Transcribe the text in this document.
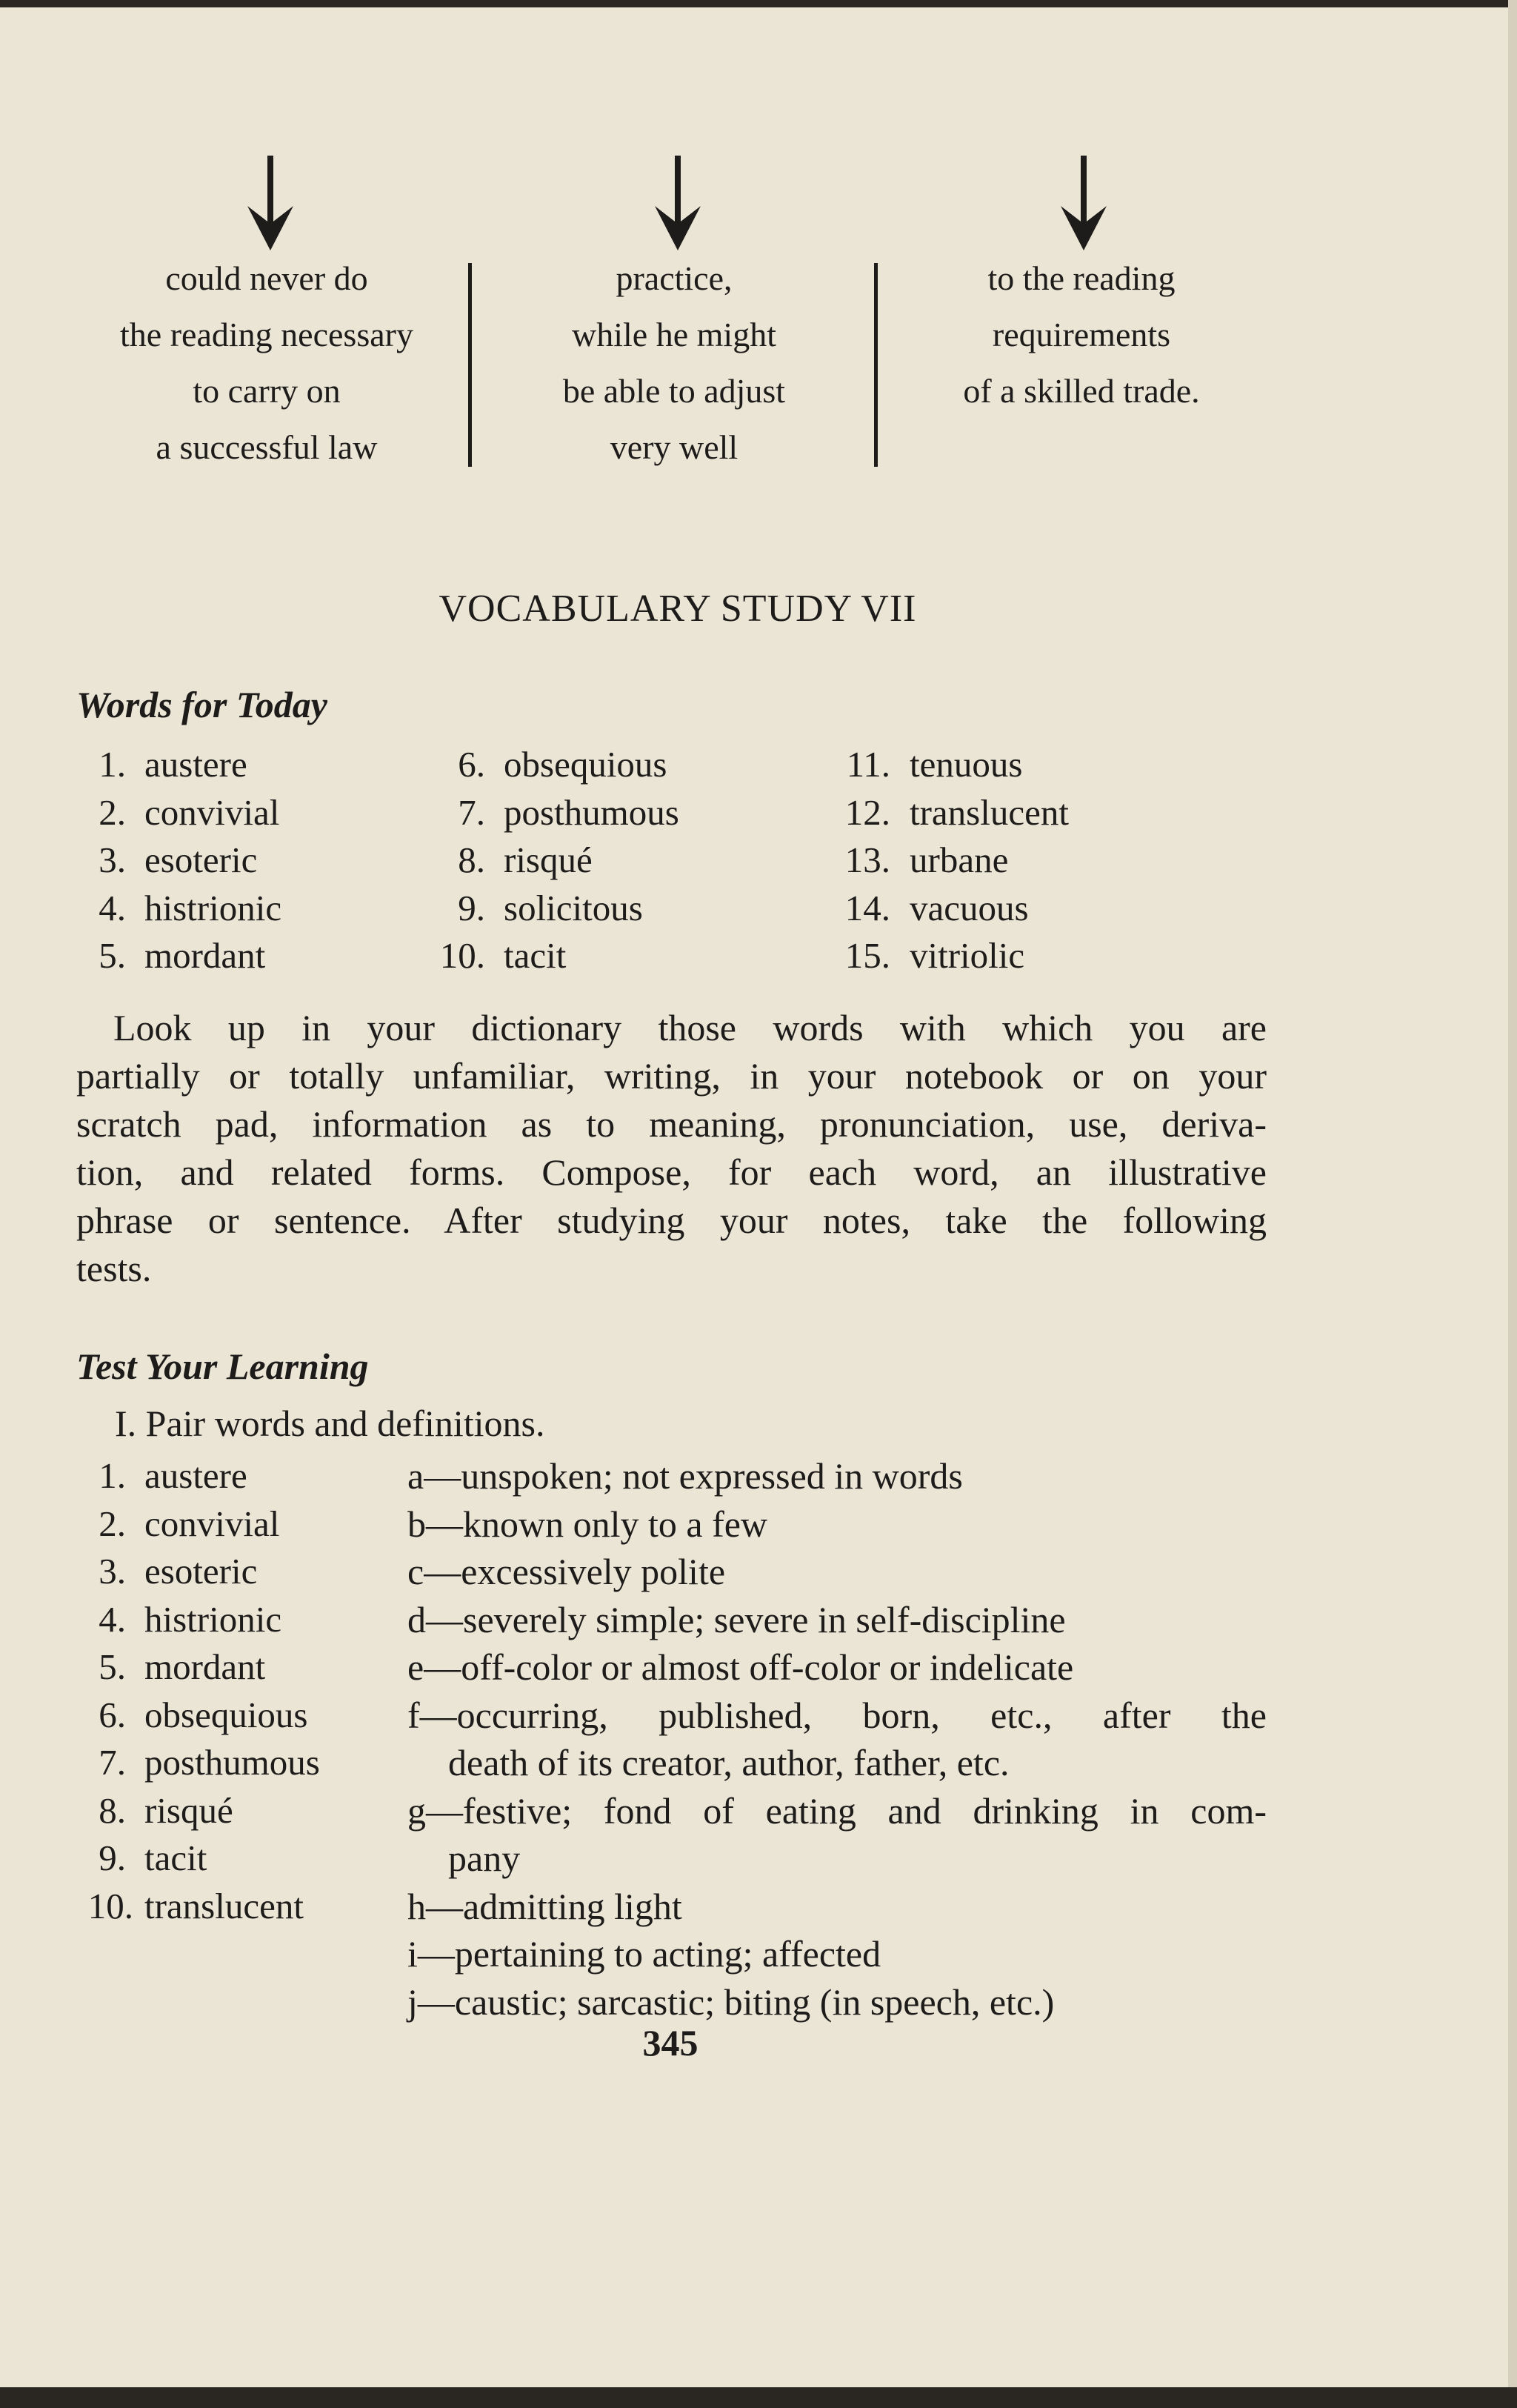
could never do
the reading necessary
to carry on
a successful law
practice,
while he might
be able to adjust
very well
to the reading
requirements
of a skilled trade.
VOCABULARY STUDY VII
Words for Today
1. austere
2. convivial
3. esoteric
4. histrionic
5. mordant
6. obsequious
7. posthumous
8. risqué
9. solicitous
10. tacit
11. tenuous
12. translucent
13. urbane
14. vacuous
15. vitriolic
Look up in your dictionary those words with which you are
partially or totally unfamiliar, writing, in your notebook or on your
scratch pad, information as to meaning, pronunciation, use, deriva-
tion, and related forms. Compose, for each word, an illustrative
phrase or sentence. After studying your notes, take the following
tests.
Test Your Learning
I. Pair words and definitions.
1. austere
2. convivial
3. esoteric
4. histrionic
5. mordant
6. obsequious
7. posthumous
8. risqué
9. tacit
10. translucent
a—unspoken; not expressed in words
b—known only to a few
c—excessively polite
d—severely simple; severe in self-discipline
e—off-color or almost off-color or indelicate
f—occurring, published, born, etc., after the
death of its creator, author, father, etc.
g—festive; fond of eating and drinking in com-
pany
h—admitting light
i—pertaining to acting; affected
j—caustic; sarcastic; biting (in speech, etc.)
345
